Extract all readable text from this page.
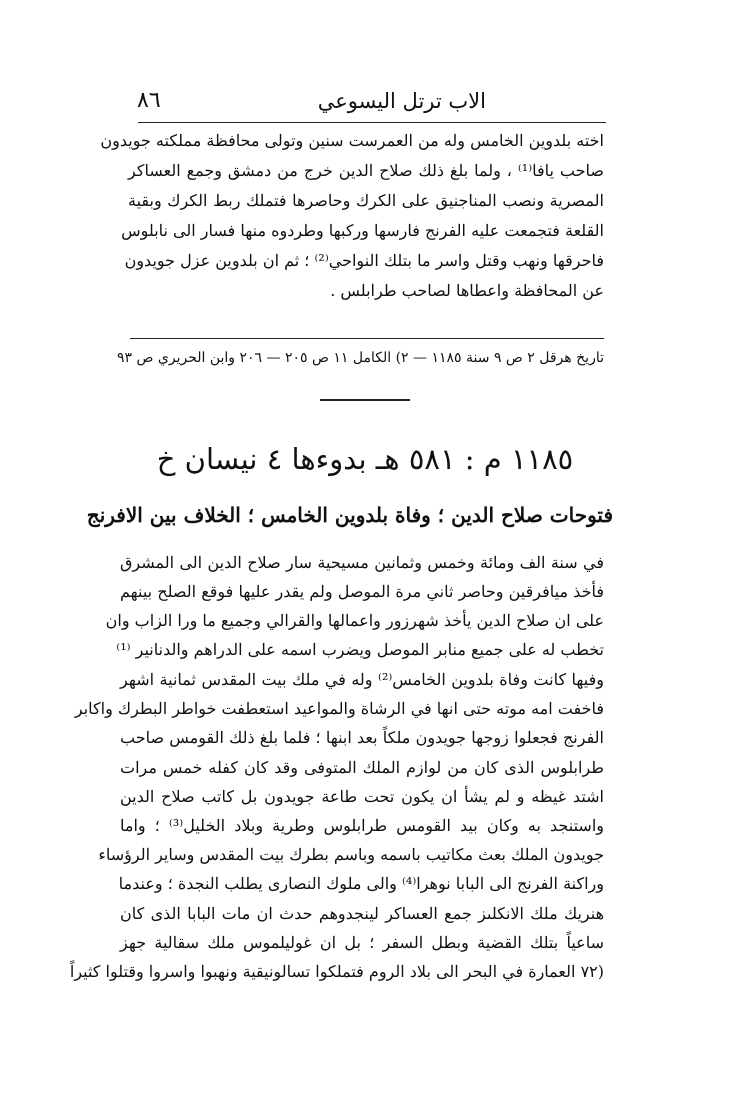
٨٦	الاب ترتل اليسوعي
اخته بلدوين الخامس وله من العمرست سنين وتولى محافظة مملكته جويدون
صاحب يافا⁽¹⁾ ، ولما بلغ ذلك صلاح الدين خرج من دمشق وجمع العساكر
المصرية ونصب المناجنيق على الكرك وحاصرها فتملك ربط الكرك وبقية
القلعة فتجمعت عليه الفرنج فارسها وركبها وطردوه منها فسار الى نابلوس
فاحرقها ونهب وقتل واسر ما بتلك النواحي⁽²⁾ ؛ ثم ان بلدوين عزل جويدون
عن المحافظة واعطاها لصاحب طرابلس .
تاريخ هرقل ٢ ص ٩ سنة ١١٨٥ — ٢) الكامل ١١ ص ٢٠٥ — ٢٠٦ وابن الحريري ص ٩٣
١١٨٥ م : ٥٨١ هـ بدوءها ٤ نيسان خ
فتوحات صلاح الدين ؛ وفاة بلدوين الخامس ؛ الخلاف بين الافرنج
في سنة الف ومائة وخمس وثمانين مسيحية سار صلاح الدين الى المشرق
فأخذ ميافرقين وحاصر ثاني مرة الموصل ولم يقدر عليها فوقع الصلح بينهم
على ان صلاح الدين يأخذ شهرزور واعمالها والقرالي وجميع ما ورا الزاب وان
تخطب له على جميع منابر الموصل ويضرب اسمه على الدراهم والدنانير ⁽¹⁾
وفيها كانت وفاة بلدوين الخامس⁽²⁾ وله في ملك بيت المقدس ثمانية اشهر
فاخفت امه موته حتى انها في الرشاة والمواعيد استعطفت خواطر البطرك واكابر
الفرنج فجعلوا زوجها جويدون ملكاً بعد ابنها ؛ فلما بلغ ذلك القومس صاحب
طرابلوس الذى كان من لوازم الملك المتوفى وقد كان كفله خمس مرات
اشتد غيظه و لم يشأ ان يكون تحت طاعة جويدون بل كاتب صلاح الدين
واستنجد به وكان بيد القومس طرابلوس وطرية وبلاد الخليل⁽³⁾ ؛ واما
جويدون الملك بعث مكاتيب باسمه وباسم بطرك بيت المقدس وساير الرؤساء
وراكنة الفرنج الى البابا نوهرا⁽⁴⁾ والى ملوك النصارى يطلب النجدة ؛ وعندما
هنريك ملك الانكلىز جمع العساكر لينجدوهم حدث ان مات البابا الذى كان
ساعياً بتلك القضية وبطل السفر ؛ بل ان غوليلموس ملك سقالية جهز
(٧٢ العمارة في البحر الى بلاد الروم فتملكوا تسالونيقية ونهبوا واسروا وقتلوا كثيراً
